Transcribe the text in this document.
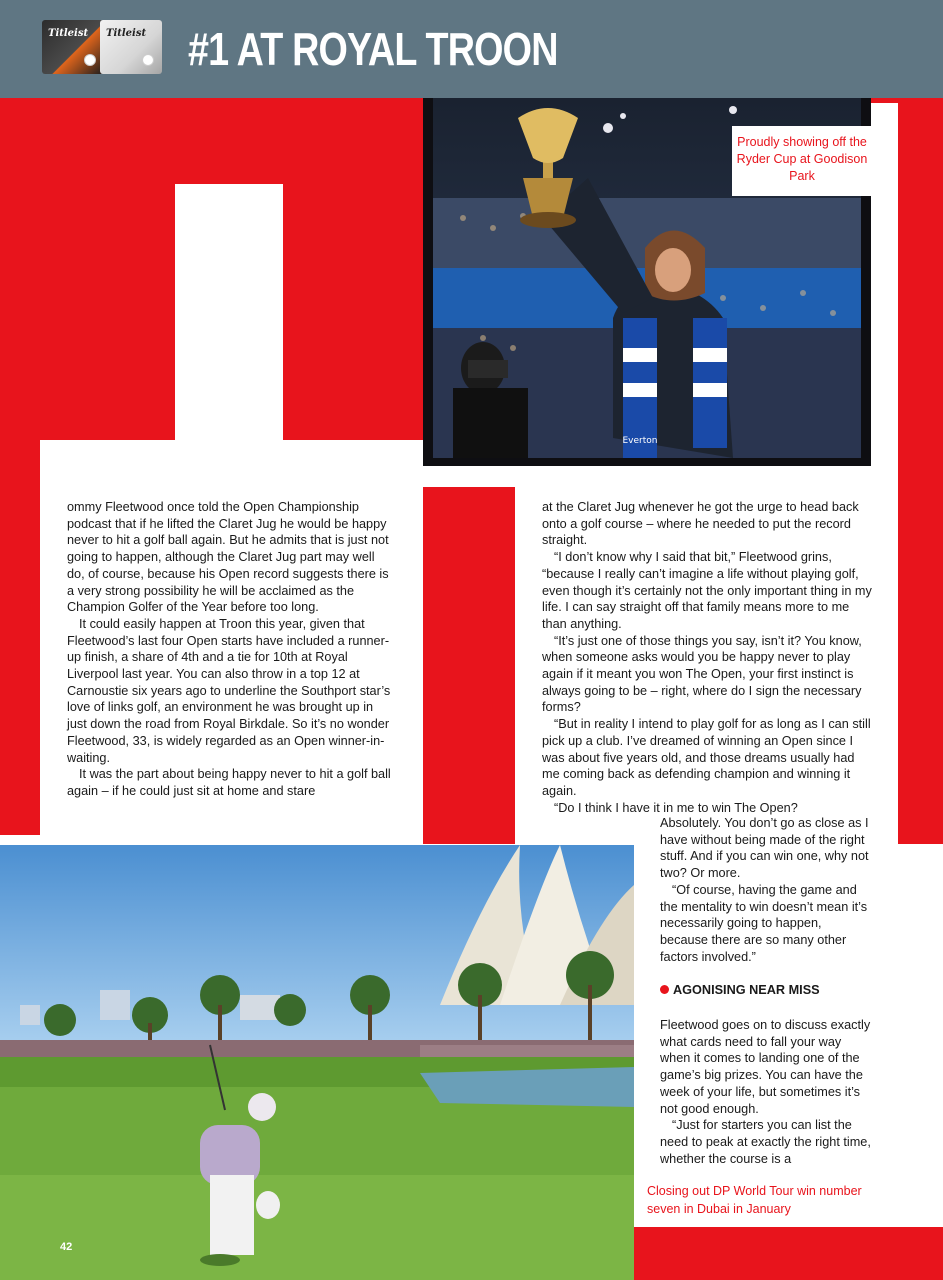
Titleist Titleist #1 AT ROYAL TROON
Everton
Proudly showing off the Ryder Cup at Goodison Park
42

ommy Fleetwood once told the Open Championship podcast that if he lifted the Claret Jug he would be happy never to hit a golf ball again. But he admits that is just not going to happen, although the Claret Jug part may well do, of course, because his Open record suggests there is a very strong possibility he will be acclaimed as the Champion Golfer of the Year before too long.

It could easily happen at Troon this year, given that Fleetwood’s last four Open starts have included a runner-up finish, a share of 4th and a tie for 10th at Royal Liverpool last year. You can also throw in a top 12 at Carnoustie six years ago to underline the Southport star’s love of links golf, an environment he was brought up in just down the road from Royal Birkdale. So it’s no wonder Fleetwood, 33, is widely regarded as an Open winner-in-waiting.

It was the part about being happy never to hit a golf ball again – if he could just sit at home and stare

at the Claret Jug whenever he got the urge to head back onto a golf course – where he needed to put the record straight.

“I don’t know why I said that bit,” Fleetwood grins, “because I really can’t imagine a life without playing golf, even though it’s certainly not the only important thing in my life. I can say straight off that family means more to me than anything.

“It’s just one of those things you say, isn’t it? You know, when someone asks would you be happy never to play again if it meant you won The Open, your first instinct is always going to be – right, where do I sign the necessary forms?

“But in reality I intend to play golf for as long as I can still pick up a club. I’ve dreamed of winning an Open since I was about five years old, and those dreams usually had me coming back as defending champion and winning it again.

“Do I think I have it in me to win The Open?

Absolutely. You don’t go as close as I have without being made of the right stuff. And if you can win one, why not two? Or more.

“Of course, having the game and the mentality to win doesn’t mean it’s necessarily going to happen, because there are so many other factors involved.”

AGONISING NEAR MISS

Fleetwood goes on to discuss exactly what cards need to fall your way when it comes to landing one of the game’s big prizes. You can have the week of your life, but sometimes it’s not good enough.

“Just for starters you can list the need to peak at exactly the right time, whether the course is a

Closing out DP World Tour win number seven in Dubai in January
